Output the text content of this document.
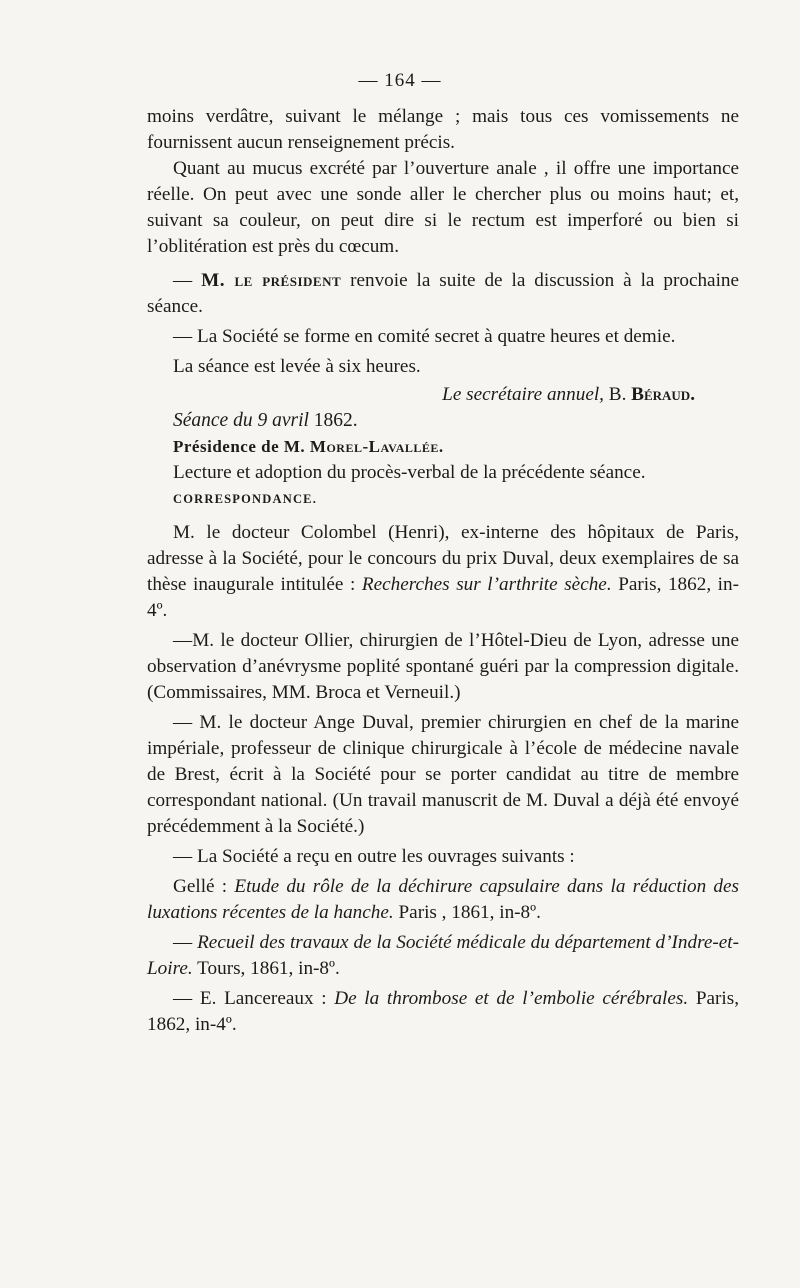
— 164 —

moins verdâtre, suivant le mélange ; mais tous ces vomissements ne fournissent aucun renseignement précis.

Quant au mucus excrété par l’ouverture anale , il offre une importance réelle. On peut avec une sonde aller le chercher plus ou moins haut; et, suivant sa couleur, on peut dire si le rectum est imperforé ou bien si l’oblitération est près du cœcum.

— M. le président renvoie la suite de la discussion à la prochaine séance.

— La Société se forme en comité secret à quatre heures et demie.

La séance est levée à six heures.

Le secrétaire annuel, B. Béraud.

Séance du 9 avril 1862.

Présidence de M. Morel-Lavallée.

Lecture et adoption du procès-verbal de la précédente séance.

CORRESPONDANCE.

M. le docteur Colombel (Henri), ex-interne des hôpitaux de Paris, adresse à la Société, pour le concours du prix Duval, deux exemplaires de sa thèse inaugurale intitulée : Recherches sur l’arthrite sèche. Paris, 1862, in-4º.

—M. le docteur Ollier, chirurgien de l’Hôtel-Dieu de Lyon, adresse une observation d’anévrysme poplité spontané guéri par la compression digitale. (Commissaires, MM. Broca et Verneuil.)

— M. le docteur Ange Duval, premier chirurgien en chef de la marine impériale, professeur de clinique chirurgicale à l’école de médecine navale de Brest, écrit à la Société pour se porter candidat au titre de membre correspondant national. (Un travail manuscrit de M. Duval a déjà été envoyé précédemment à la Société.)

— La Société a reçu en outre les ouvrages suivants :

Gellé : Etude du rôle de la déchirure capsulaire dans la réduction des luxations récentes de la hanche. Paris , 1861, in-8º.

— Recueil des travaux de la Société médicale du département d’Indre-et-Loire. Tours, 1861, in-8º.

— E. Lancereaux : De la thrombose et de l’embolie cérébrales. Paris, 1862, in-4º.
